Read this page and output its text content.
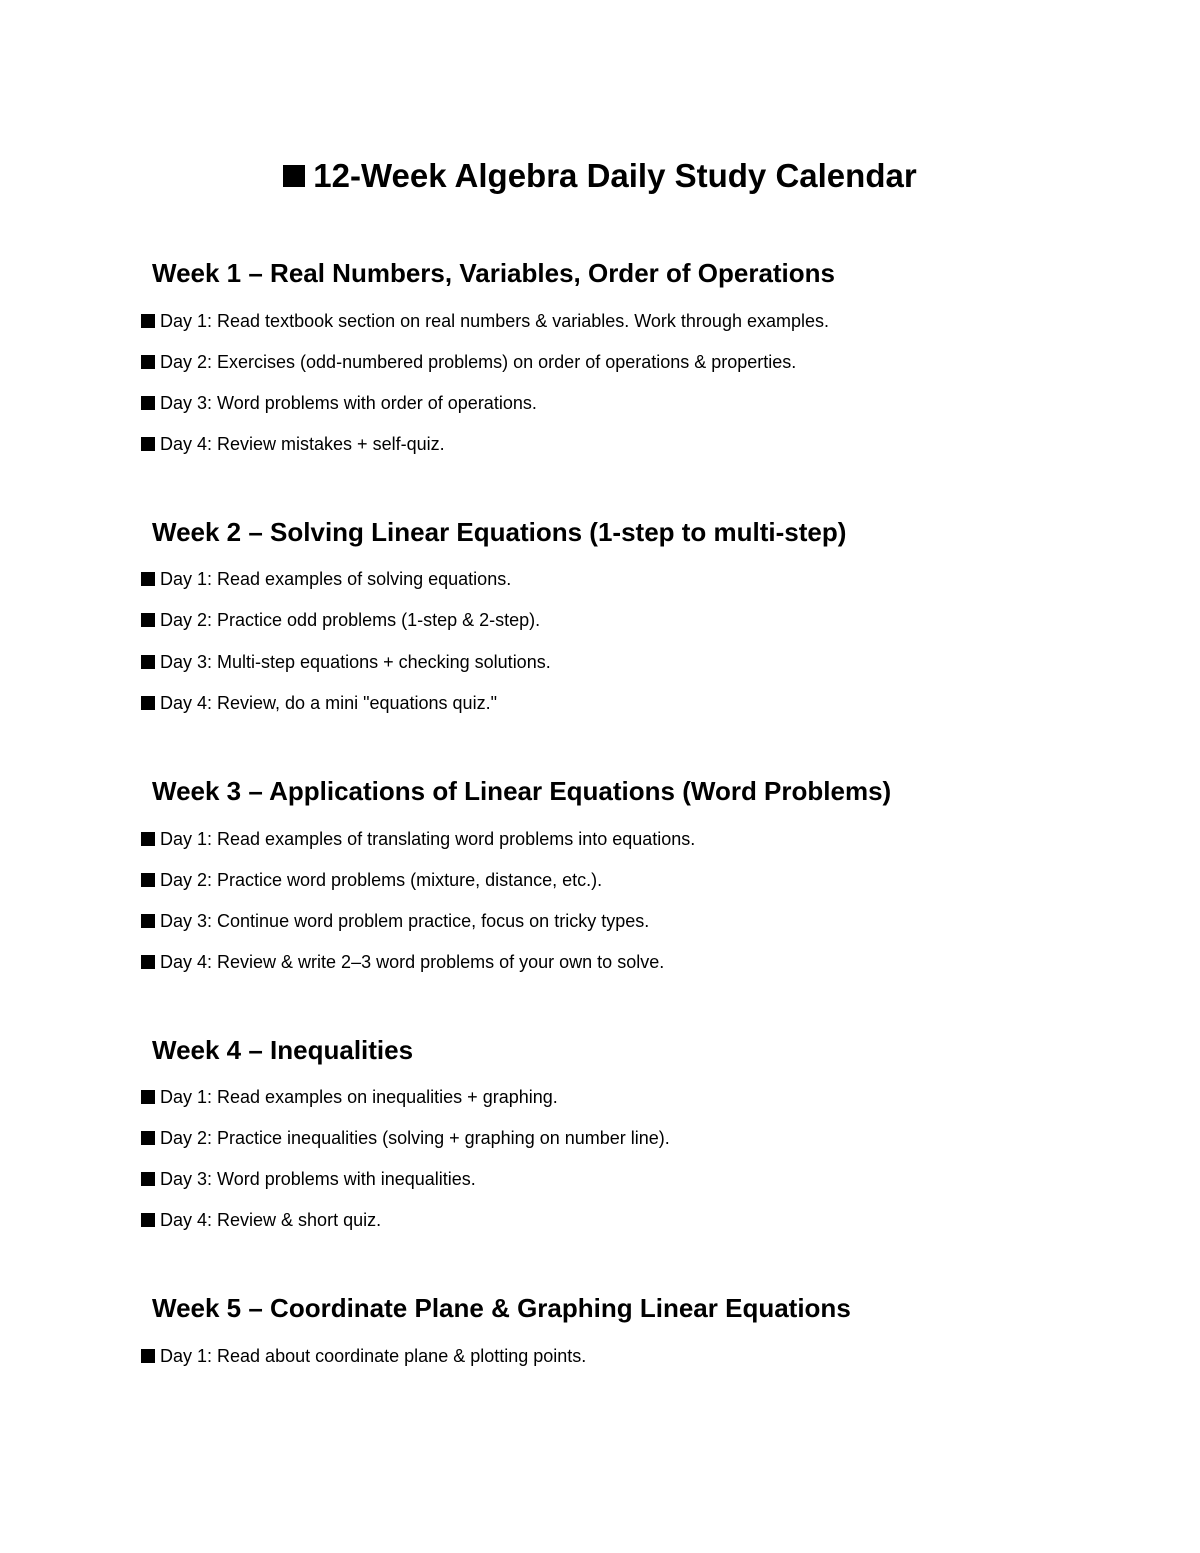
12-Week Algebra Daily Study Calendar
Week 1 – Real Numbers, Variables, Order of Operations
Day 1: Read textbook section on real numbers & variables. Work through examples.
Day 2: Exercises (odd-numbered problems) on order of operations & properties.
Day 3: Word problems with order of operations.
Day 4: Review mistakes + self-quiz.
Week 2 – Solving Linear Equations (1-step to multi-step)
Day 1: Read examples of solving equations.
Day 2: Practice odd problems (1-step & 2-step).
Day 3: Multi-step equations + checking solutions.
Day 4: Review, do a mini "equations quiz."
Week 3 – Applications of Linear Equations (Word Problems)
Day 1: Read examples of translating word problems into equations.
Day 2: Practice word problems (mixture, distance, etc.).
Day 3: Continue word problem practice, focus on tricky types.
Day 4: Review & write 2–3 word problems of your own to solve.
Week 4 – Inequalities
Day 1: Read examples on inequalities + graphing.
Day 2: Practice inequalities (solving + graphing on number line).
Day 3: Word problems with inequalities.
Day 4: Review & short quiz.
Week 5 – Coordinate Plane & Graphing Linear Equations
Day 1: Read about coordinate plane & plotting points.
